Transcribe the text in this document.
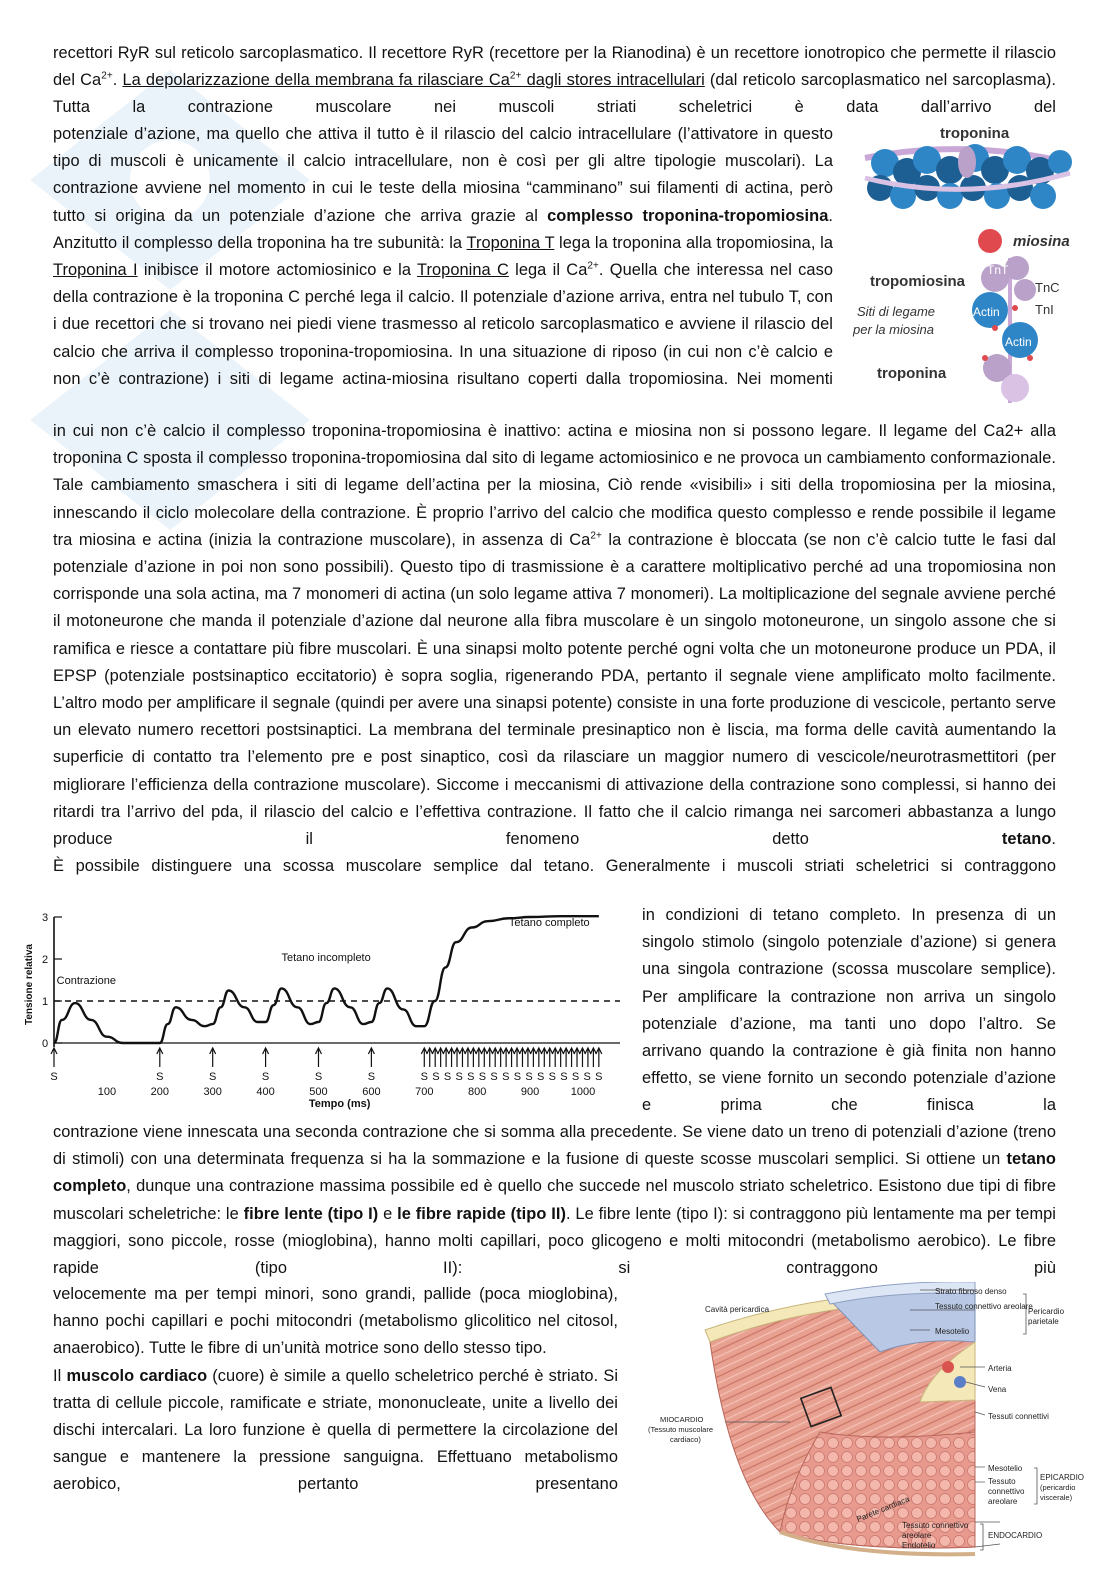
recettori RyR sul reticolo sarcoplasmatico. Il recettore RyR (recettore per la Rianodina) è un recettore ionotropico che permette il rilascio del $Ca^{2+}$. La depolarizzazione della membrana fa rilasciare $Ca^{2+}$ dagli stores intracellulari (dal reticolo sarcoplasmatico nel sarcoplasma). Tutta la contrazione muscolare nei muscoli striati scheletrici è data dall’arrivo del

potenziale d’azione, ma quello che attiva il tutto è il rilascio del calcio intracellulare (l’attivatore in questo tipo di muscoli è unicamente il calcio intracellulare, non è così per gli altre tipologie muscolari). La contrazione avviene nel momento in cui le teste della miosina “camminano” sui filamenti di actina, però tutto si origina da un potenziale d’azione che arriva grazie al complesso troponina-tropomiosina. Anzitutto il complesso della troponina ha tre subunità: la Troponina T lega la troponina alla tropomiosina, la Troponina I inibisce il motore actomiosinico e la Troponina C lega il $Ca^{2+}$. Quella che interessa nel caso della contrazione è la troponina C perché lega il calcio. Il potenziale d’azione arriva, entra nel tubulo T, con i due recettori che si trovano nei piedi viene trasmesso al reticolo sarcoplasmatico e avviene il rilascio del calcio che arriva il complesso troponina-tropomiosina. In una situazione di riposo (in cui non c’è calcio e non c’è contrazione) i siti di legame actina-miosina risultano coperti dalla tropomiosina. Nei momenti

troponina
miosina
TnT
TnC
TnI
Actin
Actin
tropomiosina
Siti di legame
per la miosina
troponina

in cui non c’è calcio il complesso troponina-tropomiosina è inattivo: actina e miosina non si possono legare. Il legame del Ca2+ alla troponina C sposta il complesso troponina-tropomiosina dal sito di legame actomiosinico e ne provoca un cambiamento conformazionale. Tale cambiamento smaschera i siti di legame dell’actina per la miosina, Ciò rende «visibili» i siti della tropomiosina per la miosina, innescando il ciclo molecolare della contrazione. È proprio l’arrivo del calcio che modifica questo complesso e rende possibile il legame tra miosina e actina (inizia la contrazione muscolare), in assenza di $Ca^{2+}$ la contrazione è bloccata (se non c’è calcio tutte le fasi dal potenziale d’azione in poi non sono possibili). Questo tipo di trasmissione è a carattere moltiplicativo perché ad una tropomiosina non corrisponde una sola actina, ma 7 monomeri di actina (un solo legame attiva 7 monomeri). La moltiplicazione del segnale avviene perché il motoneurone che manda il potenziale d’azione dal neurone alla fibra muscolare è un singolo motoneurone, un singolo assone che si ramifica e riesce a contattare più fibre muscolari. È una sinapsi molto potente perché ogni volta che un motoneurone produce un PDA, il EPSP (potenziale postsinaptico eccitatorio) è sopra soglia, rigenerando PDA, pertanto il segnale viene amplificato molto facilmente. L’altro modo per amplificare il segnale (quindi per avere una sinapsi potente) consiste in una forte produzione di vescicole, pertanto serve un elevato numero recettori postsinaptici. La membrana del terminale presinaptico non è liscia, ma forma delle cavità aumentando la superficie di contatto tra l’elemento pre e post sinaptico, così da rilasciare un maggior numero di vescicole/neurotrasmettitori (per migliorare l’efficienza della contrazione muscolare). Siccome i meccanismi di attivazione della contrazione sono complessi, si hanno dei ritardi tra l’arrivo del pda, il rilascio del calcio e l’effettiva contrazione. Il fatto che il calcio rimanga nei sarcomeri abbastanza a lungo produce il fenomeno detto tetano.
È possibile distinguere una scossa muscolare semplice dal tetano. Generalmente i muscoli striati scheletrici si contraggono

0
1
2
3
100	200	300	400	500	600	700	800	900	1000
S	S	S	S	S	S	S S S S S S S S S S S S S S S S
Contrazione
Tetano incompleto
Tetano completo
Tensione relativa
Tempo (ms)

in condizioni di tetano completo. In presenza di un singolo stimolo (singolo potenziale d’azione) si genera una singola contrazione (scossa muscolare semplice). Per amplificare la contrazione non arriva un singolo potenziale d’azione, ma tanti uno dopo l’altro. Se arrivano quando la contrazione è già finita non hanno effetto, se viene fornito un secondo potenziale d’azione e prima che finisca la

contrazione viene innescata una seconda contrazione che si somma alla precedente. Se viene dato un treno di potenziali d’azione (treno di stimoli) con una determinata frequenza si ha la sommazione e la fusione di queste scosse muscolari semplici. Si ottiene un tetano completo, dunque una contrazione massima possibile ed è quello che succede nel muscolo striato scheletrico. Esistono due tipi di fibre muscolari scheletriche: le fibre lente (tipo I) e le fibre rapide (tipo II). Le fibre lente (tipo I): si contraggono più lentamente ma per tempi maggiori, sono piccole, rosse (mioglobina), hanno molti capillari, poco glicogeno e molti mitocondri (metabolismo aerobico). Le fibre rapide (tipo II): si contraggono più

velocemente ma per tempi minori, sono grandi, pallide (poca mioglobina), hanno pochi capillari e pochi mitocondri (metabolismo glicolitico nel citosol, anaerobico). Tutte le fibre di un’unità motrice sono dello stesso tipo.
Il muscolo cardiaco (cuore) è simile a quello scheletrico perché è striato. Si tratta di cellule piccole, ramificate e striate, mononucleate, unite a livello dei dischi intercalari. La loro funzione è quella di permettere la circolazione del sangue e mantenere la pressione sanguigna. Effettuano metabolismo aerobico, pertanto presentano

Cavità pericardica
Strato fibroso denso
Tessuto connettivo areolare
Mesotelio
Pericardio
parietale
Arteria
Vena
Tessuti connettivi
MIOCARDIO
(Tessuto muscolare
cardiaco)
Mesotelio
Tessuto
connettivo
areolare
EPICARDIO
(pericardio
viscerale)
Parete cardiaca
Tessuto connettivo
areolare
Endotelio
ENDOCARDIO
